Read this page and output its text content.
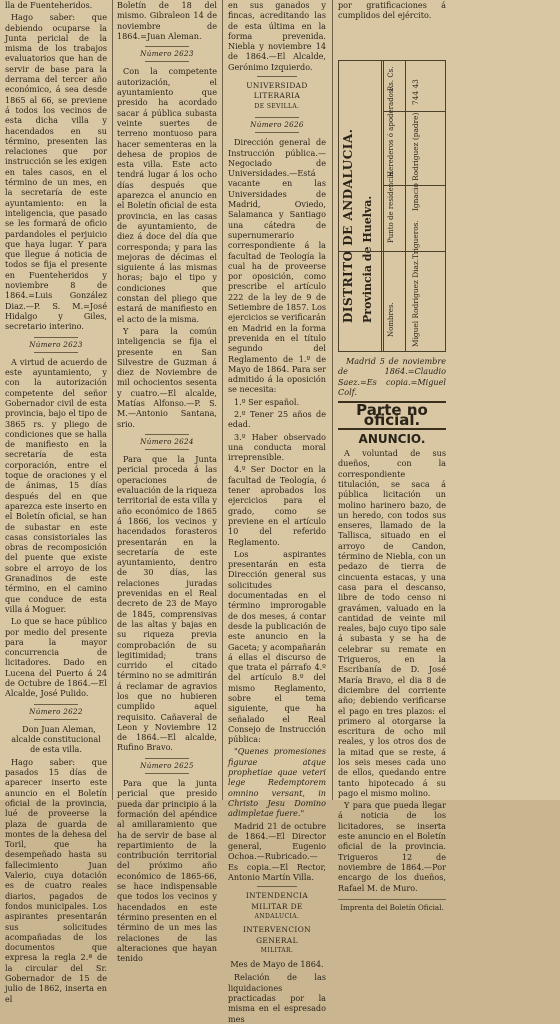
lla de Fuenteheridos.

Hago saber: que debiendo ocuparse la Junta pericial de la misma de los trabajos evaluatorios que han de servir de base para la derrama del tercer año económico, á sea desde 1865 al 66, se previene á todos los vecinos de esta dicha villa y hacendados en su término, presenten las relaciones que por instrucción se les exigen en tales casos, en el término de un mes, en la secretaría de este ayuntamiento: en la inteligencia, que pasado se les formará de oficio pardandoles el perjuicio que haya lugar. Y para que llegue á noticia de todos se fija el presente en Fuenteheridos y noviembre 8 de 1864.=Luis González Diaz.—P. S. M.=José Hidalgo y Giles, secretario interino.

Número 2623

A virtud de acuerdo de este ayuntamiento, y con la autorización competente del señor Gobernador civil de esta provincia, bajo el tipo de 3865 rs. y pliego de condiciones que se halla de manifiesto en la secretaría de esta corporación, entre el toque de oraciones y el de ánimas, 15 días después del en que aparezca este inserto en el Boletín oficial, se han de subastar en este casas consistoriales las obras de recomposición del puente que existe sobre el arroyo de los Granadinos de este término, en el camino que conduce de esta villa á Moguer.

Lo que se hace público por medio del presente para la mayor concurrencia de licitadores. Dado en Lucena del Puerto á 24 de Octubre de 1864.—El Alcalde, José Pulido.

Número 2622

Don Juan Aleman, alcalde constitucional de esta villa.

Hago saber: que pasados 15 días de aparecer inserto este anuncio en el Boletín oficial de la provincia, lué de proveerse la plaza de guarda de montes de la dehesa del Toril, que ha desempeñado hasta su fallecimiento Juan Valerio, cuya dotación es de cuatro reales diarios, pagados de fondos municipales. Los aspirantes presentarán sus solicitudes acompañadas de los documentos que expresa la regla 2.ª de la circular del Sr. Gobernador de 15 de julio de 1862, inserta en el

Boletín de 18 del mismo. Gibraleon 14 de noviembre de 1864.=Juan Aleman.

Número 2623

Con la competente autorización, el ayuntamiento que presido ha acordado sacar á pública subasta veinte suertes de terreno montuoso para hacer sementeras en la dehesa de propios de esta villa. Este acto tendrá lugar á los ocho días después que aparezca el anuncio en el Boletín oficial de esta provincia, en las casas de ayuntamiento, de diez á doce del día que corresponda; y para las mejoras de décimas el siguiente á las mismas horas; bajo el tipo y condiciones que constan del pliego que estará de manifiesto en el acto de la misma.

Y para la común inteligencia se fija el presente en San Silvestre de Guzman á diez de Noviembre de mil ochocientos sesenta y cuatro.—El alcalde, Matías Alfonso.—P. S. M.—Antonio Santana, srio.

Número 2624

Para que la Junta pericial proceda á las operaciones de evaluación de la riqueza territorial de esta villa y año económico de 1865 á 1866, los vecinos y hacendados forasteros presentarán en la secretaría de este ayuntamiento, dentro de 30 días, las relaciones juradas prevenidas en el Real decreto de 23 de Mayo de 1845, comprensivas de las altas y bajas en su riqueza previa comprobación de su legitimidad; trans currido el citado término no se admitirán á reclamar de agravios los que no hubieren cumplido aquel requisito. Cañaveral de Leon y Noviembre 12 de 1864.—El alcalde, Rufino Bravo.

Número 2625

Para que la junta pericial que presido pueda dar principio á la formación del apéndice al amillaramiento que ha de servir de base al repartimiento de la contribución territorial del próximo año económico de 1865-66, se hace indispensable que todos los vecinos y hacendados en este término presenten en el término de un mes las relaciones de las alteraciones que hayan tenido

en sus ganados y fincas, acreditando las de esta última en la forma prevenida. Niebla y noviembre 14 de 1864.—El Alcalde, Gerónimo Izquierdo.

UNIVERSIDAD LITERARIA
DE SEVILLA.
Número 2626

Dirección general de Instrucción pública.—Negociado de Universidades.—Está vacante en las Universidades de Madrid, Oviedo, Salamanca y Santiago una cátedra de supernumerario correspondiente á la facultad de Teología la cual ha de proveerse por oposición, como prescribe el artículo 222 de la ley de 9 de Setiembre de 1857. Los ejercicios se verificarán en Madrid en la forma prevenida en el título segundo del Reglamento de 1.º de Mayo de 1864. Para ser admitido á la oposición se necesita:

1.º Ser español.

2.º Tener 25 años de edad.

3.º Haber observado una conducta moral irreprensible.

4.º Ser Doctor en la facultad de Teología, ó tener aprobados los ejercicios para el grado, como se previene en el artículo 10 del referido Reglamento.

Los aspirantes presentarán en esta Dirección general sus solicitudes documentadas en el término improrogable de dos meses, á contar desde la publicación de este anuncio en la Gaceta; y acompañarán á ellas el discurso de que trata el párrafo 4.º del artículo 8.º del mismo Reglamento, sobre el tema siguiente, que ha señalado el Real Consejo de Instrucción pública:

"Quenes promesiones figurae atque prophetiae quae veteri lege Redemptorem omnino versant, in Christo Jesu Domino adimpletae fuere."

Madrid 21 de octubre de 1864.—El Director general, Eugenio Ochoa.—Rubricado.—Es copia.—El Rector, Antonio Martín Villa.

INTENDENCIA MILITAR DE
ANDALUCIA.
INTERVENCION GENERAL
MILITAR.
Mes de Mayo de 1864.

Relación de las liquidaciones practicadas por la misma en el espresado mes

por gratificaciones á cumplidos del ejército.

DISTRITO DE ANDALUCIA. Provincia de Huelva. Nombres.
Punto de residencia.
Herederos ó apoderados.
Rs. Cs.
Miguel Rodriguez Diaz.
Trigueros.
Ignacio Rodriguez (padre)
744 43

Madrid 5 de noviembre de 1864.=Claudio Saez.=Es copia.=Miguel Colf.

Parte no oficial.
ANUNCIO.

A voluntad de sus dueños, con la correspondiente titulación, se saca á pública licitación un molino harinero bazo, de un heredo, con todos sus enseres, llamado de la Tallisca, situado en el arroyo de Candon, término de Niebla, con un pedazo de tierra de cincuenta estacas, y una casa para el descanso, libre de todo censo ni gravámen, valuado en la cantidad de veinte mil reales, bajo cuyo tipo sale á subasta y se ha de celebrar su remate en Trigueros, en la Escribanía de D. José María Bravo, el dia 8 de diciembre del corriente año; debiendo verificarse el pago en tres plazos: el primero al otorgarse la escritura de ocho mil reales, y los otros dos de la mitad que se reste, á los seis meses cada uno de ellos, quedando entre tanto hipotecado á su pago el mismo molino.

Y para que pueda llegar á noticia de los licitadores, se inserta este anuncio en el Boletín oficial de la provincia. Trigueros 12 de noviembre de 1864.—Por encargo de los dueños, Rafael M. de Muro.

Imprenta del Boletín Oficial.
